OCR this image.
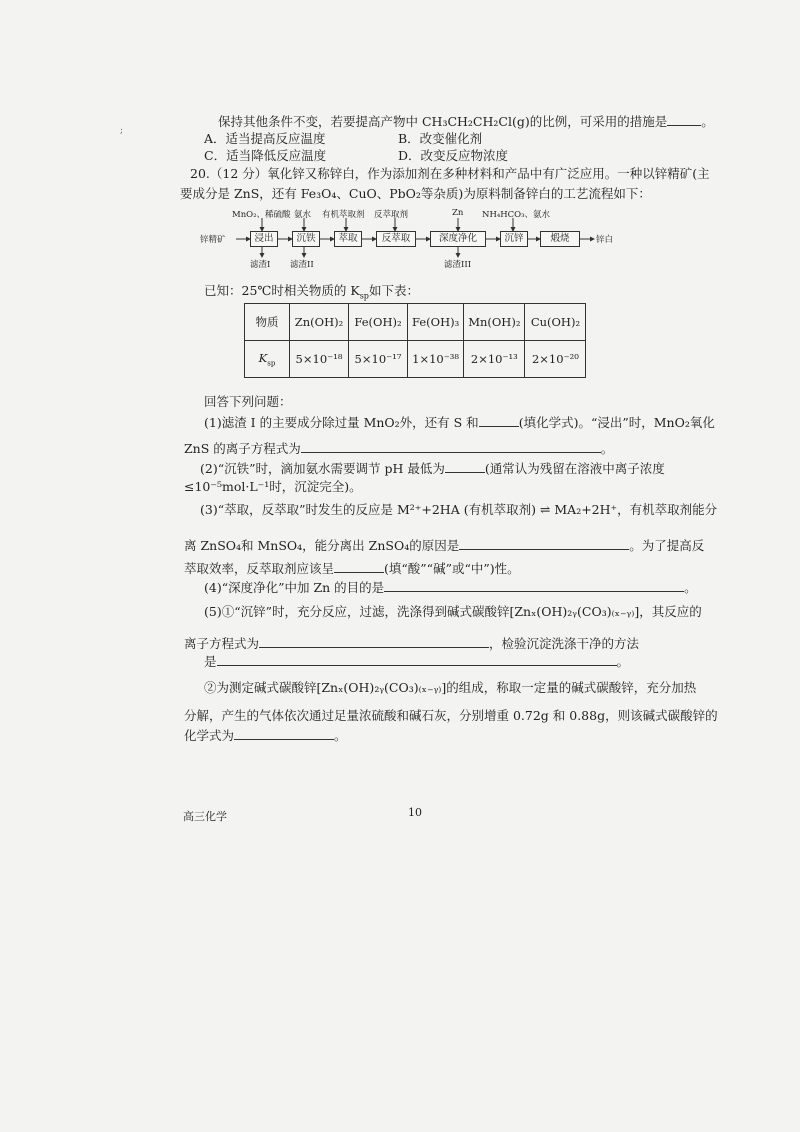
;
保持其他条件不变，若要提高产物中 CH₃CH₂CH₂Cl(g)的比例，可采用的措施是	。
A．适当提高反应温度	B．改变催化剂
C．适当降低反应温度	D．改变反应物浓度
20.（12 分）氧化锌又称锌白，作为添加剂在多种材料和产品中有广泛应用。一种以锌精矿(主
要成分是 ZnS，还有 Fe₃O₄、CuO、PbO₂等杂质)为原料制备锌白的工艺流程如下：
锌精矿	浸出	沉铁	萃取	反萃取	深度净化	沉锌	煅烧	锌白
MnO₂、稀硫酸 氨水 有机萃取剂 反萃取剂	Zn NH₄HCO₃、氨水
滤渣I 滤渣II	滤渣III
已知：25℃时相关物质的 $K_{sp}$如下表：
物质	Zn(OH)₂	Fe(OH)₂	Fe(OH)₃	Mn(OH)₂	Cu(OH)₂
$K_{sp}$	5×10⁻¹⁸	5×10⁻¹⁷	1×10⁻³⁸	2×10⁻¹³	2×10⁻²⁰
回答下列问题：
(1)滤渣 I 的主要成分除过量 MnO₂外，还有 S 和	(填化学式)。“浸出”时，MnO₂氧化
ZnS 的离子方程式为	。
(2)“沉铁”时，滴加氨水需要调节 pH 最低为	(通常认为残留在溶液中离子浓度
≤10⁻⁵mol·L⁻¹时，沉淀完全)。
(3)“萃取，反萃取”时发生的反应是 M²⁺+2HA (有机萃取剂) ⇌ MA₂+2H⁺，有机萃取剂能分
离 ZnSO₄和 MnSO₄，能分离出 ZnSO₄的原因是	。为了提高反
萃取效率，反萃取剂应该呈	(填“酸”“碱”或“中”)性。
(4)“深度净化”中加 Zn 的目的是	。
(5)①“沉锌”时，充分反应，过滤，洗涤得到碱式碳酸锌[Znₓ(OH)₂ᵧ(CO₃)₍ₓ₋ᵧ₎]，其反应的
离子方程式为	，检验沉淀洗涤干净的方法
是	。
②为测定碱式碳酸锌[Znₓ(OH)₂ᵧ(CO₃)₍ₓ₋ᵧ₎]的组成，称取一定量的碱式碳酸锌，充分加热
分解，产生的气体依次通过足量浓硫酸和碱石灰，分别增重 0.72g 和 0.88g，则该碱式碳酸锌的
化学式为	。
高三化学	10
